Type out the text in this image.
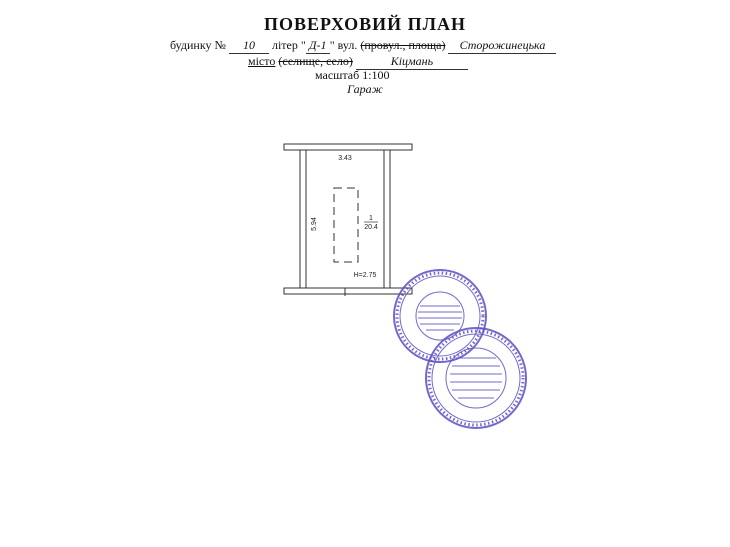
ПОВЕРХОВИЙ ПЛАН
будинку № 10 літер " Д-1 " вул. (провул., площа) Сторожинецька
місто (селище, село)	Кіцмань
масштаб 1:100
Гараж
1
20.4
3.43
5.94
Н=2.75
